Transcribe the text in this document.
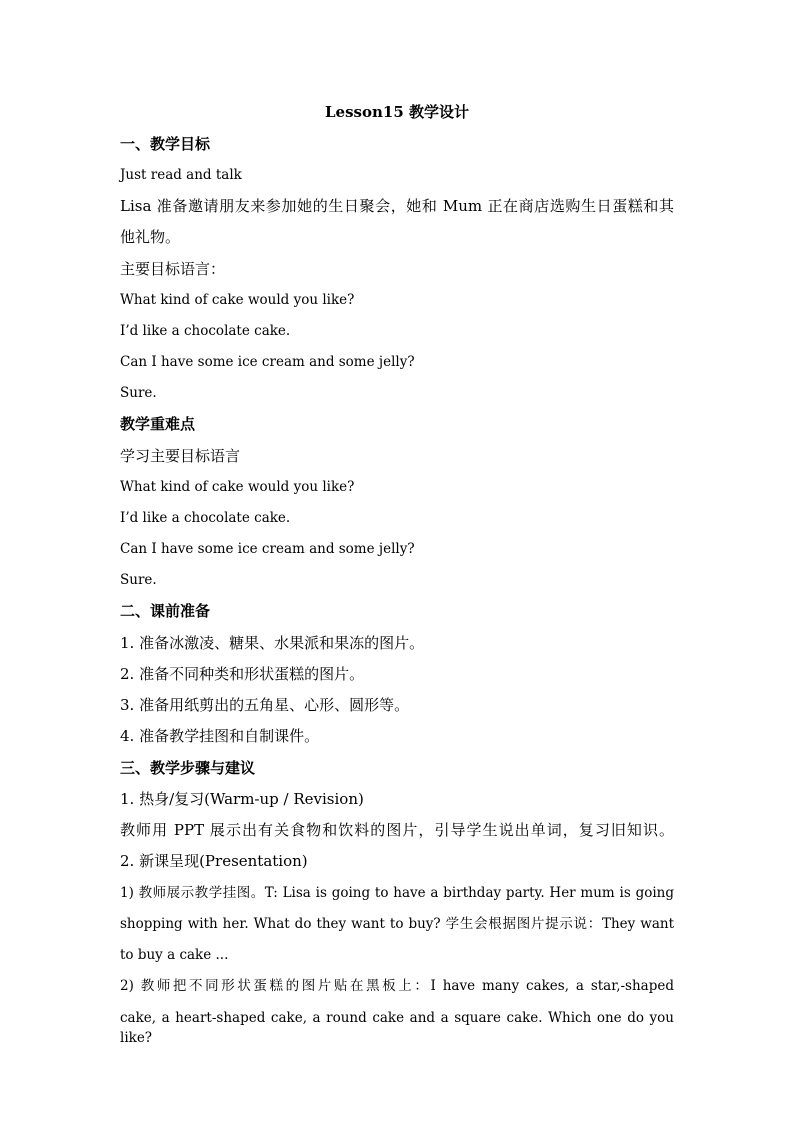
Lesson15 教学设计
一、教学目标
Just read and talk
Lisa 准备邀请朋友来参加她的生日聚会，她和 Mum 正在商店选购生日蛋糕和其
他礼物。
主要目标语言：
What kind of cake would you like?
I’d like a chocolate cake.
Can I have some ice cream and some jelly?
Sure.
教学重难点
学习主要目标语言
What kind of cake would you like?
I’d like a chocolate cake.
Can I have some ice cream and some jelly?
Sure.
二、课前准备
1. 准备冰激凌、糖果、水果派和果冻的图片。
2. 准备不同种类和形状蛋糕的图片。
3. 准备用纸剪出的五角星、心形、圆形等。
4. 准备教学挂图和自制课件。
三、教学步骤与建议
1. 热身/复习(Warm-up / Revision)
教师用 PPT 展示出有关食物和饮料的图片，引导学生说出单词，复习旧知识。
2. 新课呈现(Presentation)
1) 教师展示教学挂图。T: Lisa is going to have a birthday party. Her mum is going
shopping with her. What do they want to buy? 学生会根据图片提示说：They want
to buy a cake ...
2) 教师把不同形状蛋糕的图片贴在黑板上：I have many cakes, a star,-shaped
cake, a heart-shaped cake, a round cake and a square cake. Which one do you like?
